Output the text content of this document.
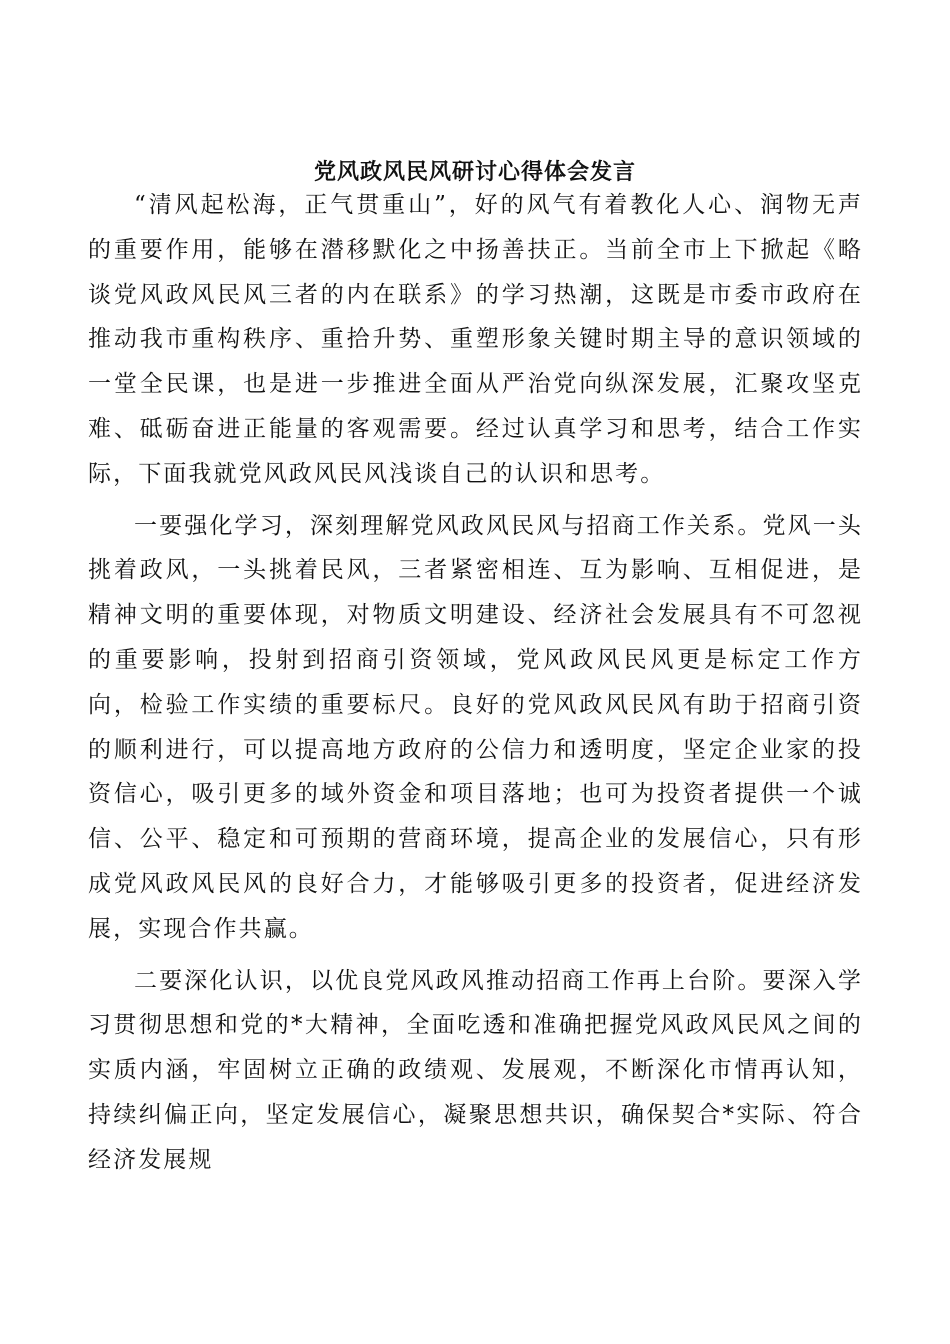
党风政风民风研讨心得体会发言

“清风起松海，正气贯重山”，好的风气有着教化人心、润物无声的重要作用，能够在潜移默化之中扬善扶正。当前全市上下掀起《略谈党风政风民风三者的内在联系》的学习热潮，这既是市委市政府在推动我市重构秩序、重拾升势、重塑形象关键时期主导的意识领域的一堂全民课，也是进一步推进全面从严治党向纵深发展，汇聚攻坚克难、砥砺奋进正能量的客观需要。经过认真学习和思考，结合工作实际，下面我就党风政风民风浅谈自己的认识和思考。

一要强化学习，深刻理解党风政风民风与招商工作关系。党风一头挑着政风，一头挑着民风，三者紧密相连、互为影响、互相促进，是精神文明的重要体现，对物质文明建设、经济社会发展具有不可忽视的重要影响，投射到招商引资领域，党风政风民风更是标定工作方向，检验工作实绩的重要标尺。良好的党风政风民风有助于招商引资的顺利进行，可以提高地方政府的公信力和透明度，坚定企业家的投资信心，吸引更多的域外资金和项目落地；也可为投资者提供一个诚信、公平、稳定和可预期的营商环境，提高企业的发展信心，只有形成党风政风民风的良好合力，才能够吸引更多的投资者，促进经济发展，实现合作共赢。

二要深化认识，以优良党风政风推动招商工作再上台阶。要深入学习贯彻思想和党的*大精神，全面吃透和准确把握党风政风民风之间的实质内涵，牢固树立正确的政绩观、发展观，不断深化市情再认知，持续纠偏正向，坚定发展信心，凝聚思想共识，确保契合*实际、符合经济发展规
